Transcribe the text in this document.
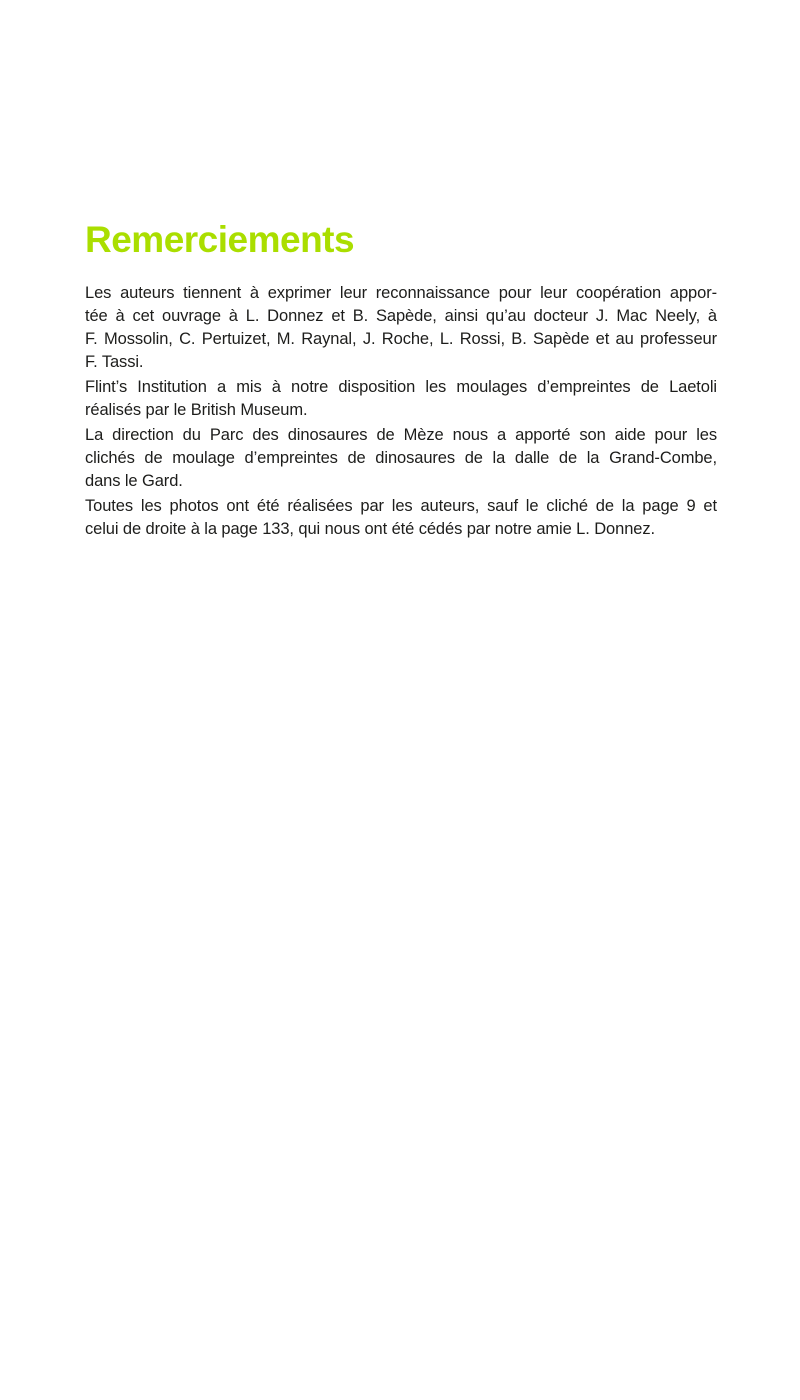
Remerciements
Les auteurs tiennent à exprimer leur reconnaissance pour leur coopération appor-
tée à cet ouvrage à L. Donnez et B. Sapède, ainsi qu’au docteur J. Mac Neely, à
F. Mossolin, C. Pertuizet, M. Raynal, J. Roche, L. Rossi, B. Sapède et au professeur
F. Tassi.
Flint’s Institution a mis à notre disposition les moulages d’empreintes de Laetoli
réalisés par le British Museum.
La direction du Parc des dinosaures de Mèze nous a apporté son aide pour les
clichés de moulage d’empreintes de dinosaures de la dalle de la Grand-Combe,
dans le Gard.
Toutes les photos ont été réalisées par les auteurs, sauf le cliché de la page 9 et
celui de droite à la page 133, qui nous ont été cédés par notre amie L. Donnez.
